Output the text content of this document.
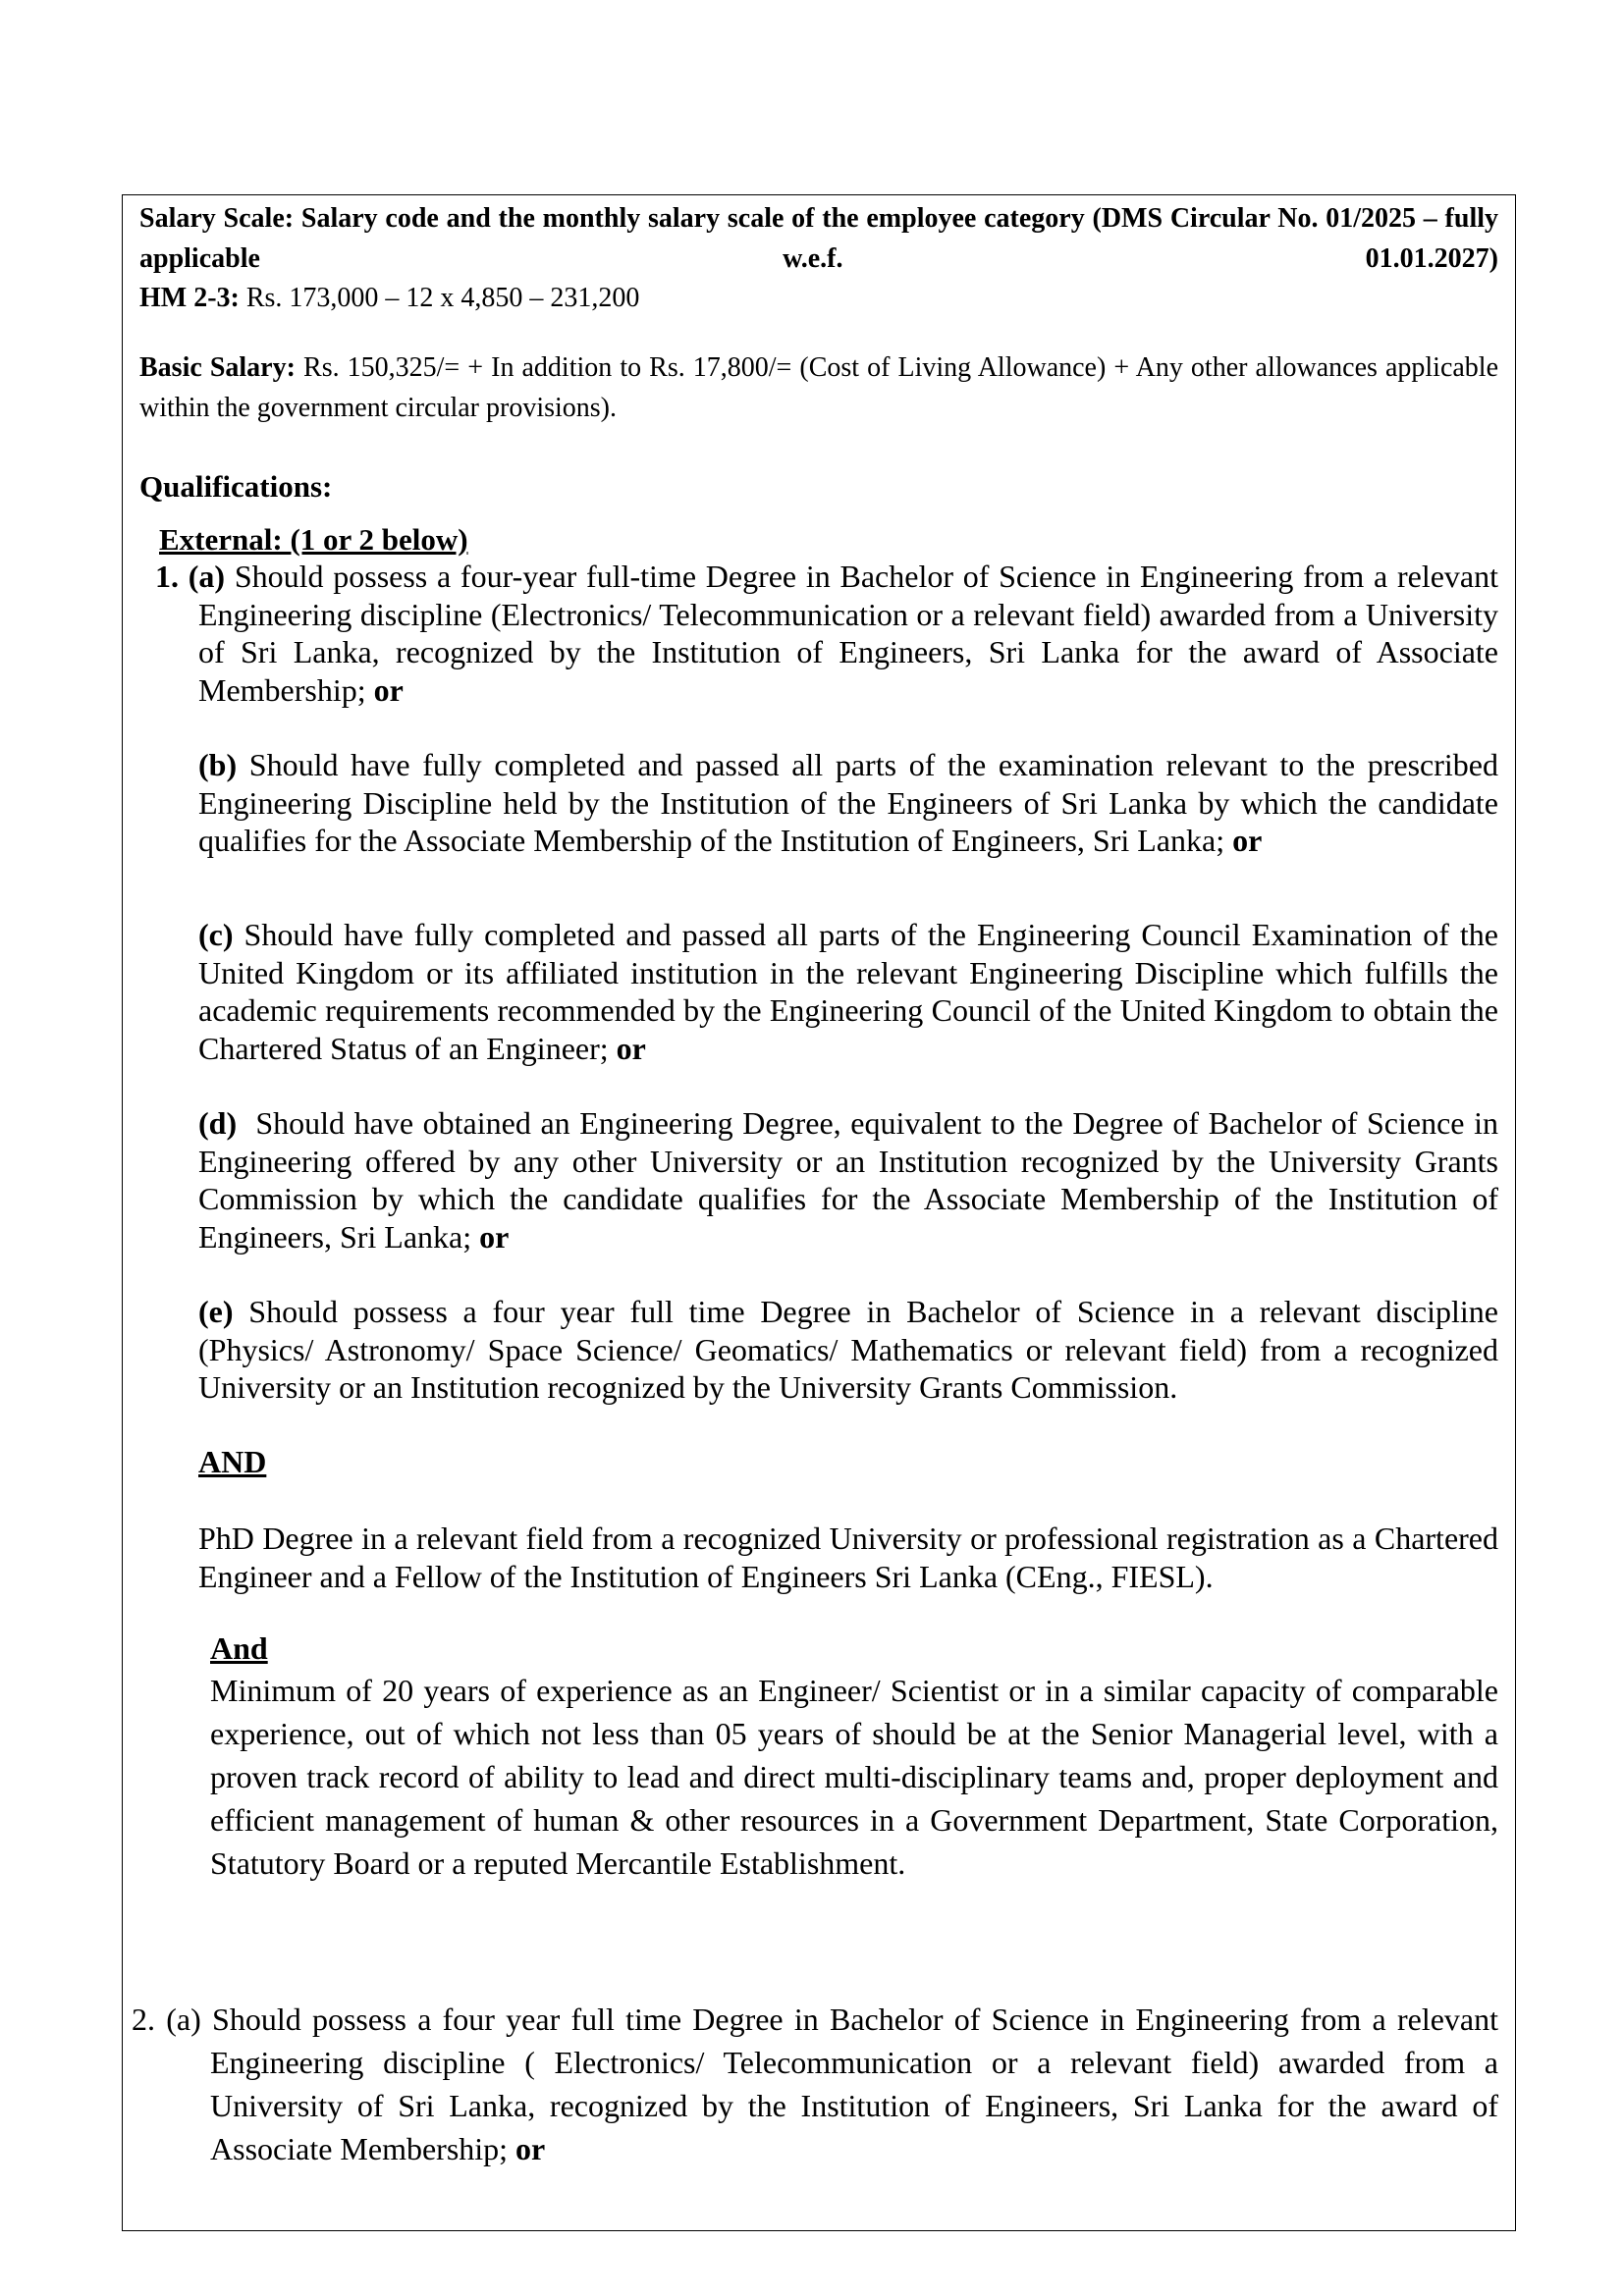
Salary Scale: Salary code and the monthly salary scale of the employee category (DMS Circular No. 01/2025 – fully applicable w.e.f. 01.01.2027)

HM 2-3: Rs. 173,000 – 12 x 4,850 – 231,200

Basic Salary: Rs. 150,325/= + In addition to Rs. 17,800/= (Cost of Living Allowance) + Any other allowances applicable within the government circular provisions).

Qualifications:

External: (1 or 2 below)

1. (a) Should possess a four-year full-time Degree in Bachelor of Science in Engineering from a relevant Engineering discipline (Electronics/ Telecommunication or a relevant field) awarded from a University of Sri Lanka, recognized by the Institution of Engineers, Sri Lanka for the award of Associate Membership; or

(b) Should have fully completed and passed all parts of the examination relevant to the prescribed Engineering Discipline held by the Institution of the Engineers of Sri Lanka by which the candidate qualifies for the Associate Membership of the Institution of Engineers, Sri Lanka; or

(c) Should have fully completed and passed all parts of the Engineering Council Examination of the United Kingdom or its affiliated institution in the relevant Engineering Discipline which fulfills the academic requirements recommended by the Engineering Council of the United Kingdom to obtain the Chartered Status of an Engineer; or

(d) Should have obtained an Engineering Degree, equivalent to the Degree of Bachelor of Science in Engineering offered by any other University or an Institution recognized by the University Grants Commission by which the candidate qualifies for the Associate Membership of the Institution of Engineers, Sri Lanka; or

(e) Should possess a four year full time Degree in Bachelor of Science in a relevant discipline (Physics/ Astronomy/ Space Science/ Geomatics/ Mathematics or relevant field) from a recognized University or an Institution recognized by the University Grants Commission.

AND

PhD Degree in a relevant field from a recognized University or professional registration as a Chartered Engineer and a Fellow of the Institution of Engineers Sri Lanka (CEng., FIESL).

And

Minimum of 20 years of experience as an Engineer/ Scientist or in a similar capacity of comparable experience, out of which not less than 05 years of should be at the Senior Managerial level, with a proven track record of ability to lead and direct multi-disciplinary teams and, proper deployment and efficient management of human & other resources in a Government Department, State Corporation, Statutory Board or a reputed Mercantile Establishment.

2. (a) Should possess a four year full time Degree in Bachelor of Science in Engineering from a relevant Engineering discipline ( Electronics/ Telecommunication or a relevant field) awarded from a University of Sri Lanka, recognized by the Institution of Engineers, Sri Lanka for the award of Associate Membership; or
